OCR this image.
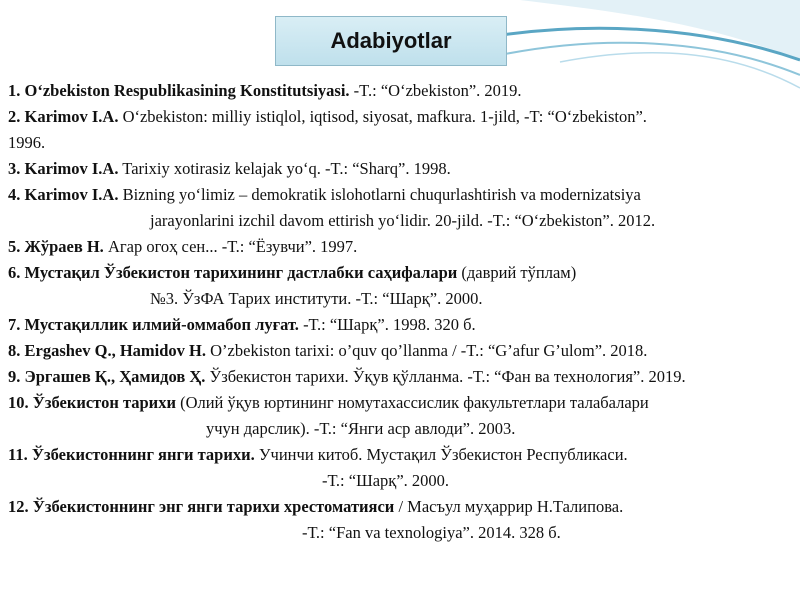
Adabiyotlar
1. O‘zbekiston Respublikasining Konstitutsiyasi. -T.: “O‘zbekiston”. 2019.
2. Karimov I.A. O‘zbekiston: milliy istiqlol, iqtisod, siyosat, mafkura. 1-jild, -T: “O‘zbekiston”.
1996.
3. Karimov I.A. Tarixiy xotirasiz kelajak yo‘q. -T.: “Sharq”. 1998.
4. Karimov I.A. Bizning yo‘limiz – demokratik islohotlarni chuqurlashtirish va modernizatsiya
jarayonlarini izchil davom ettirish yo‘lidir. 20-jild. -T.: “O‘zbekiston”. 2012.
5. Жўраев Н. Агар огоҳ сен... -Т.: “Ёзувчи”. 1997.
6. Мустақил Ўзбекистон тарихининг дастлабки саҳифалари (даврий тўплам)
№3. ЎзФА Тарих институти. -Т.: “Шарқ”. 2000.
7. Мустақиллик илмий-оммабоп луғат. -Т.: “Шарқ”. 1998. 320 б.
8. Ergashev Q., Hamidov H. O’zbekiston tarixi: o’quv qo’llanma / -T.: “G’afur G’ulom”. 2018.
9. Эргашев Қ., Ҳамидов Ҳ. Ўзбекистон тарихи. Ўқув қўлланма. -Т.: “Фан ва технология”. 2019.
10. Ўзбекистон тарихи (Олий ўқув юртининг номутахассислик факультетлари талабалари
учун дарслик). -Т.: “Янги аср авлоди”. 2003.
11. Ўзбекистоннинг янги тарихи. Учинчи китоб. Мустақил Ўзбекистон Республикаси.
-Т.: “Шарқ”. 2000.
12. Ўзбекистоннинг энг янги тарихи хрестоматияси / Масъул муҳаррир Н.Талипова.
-Т.: “Fan va texnologiya”. 2014. 328 б.
